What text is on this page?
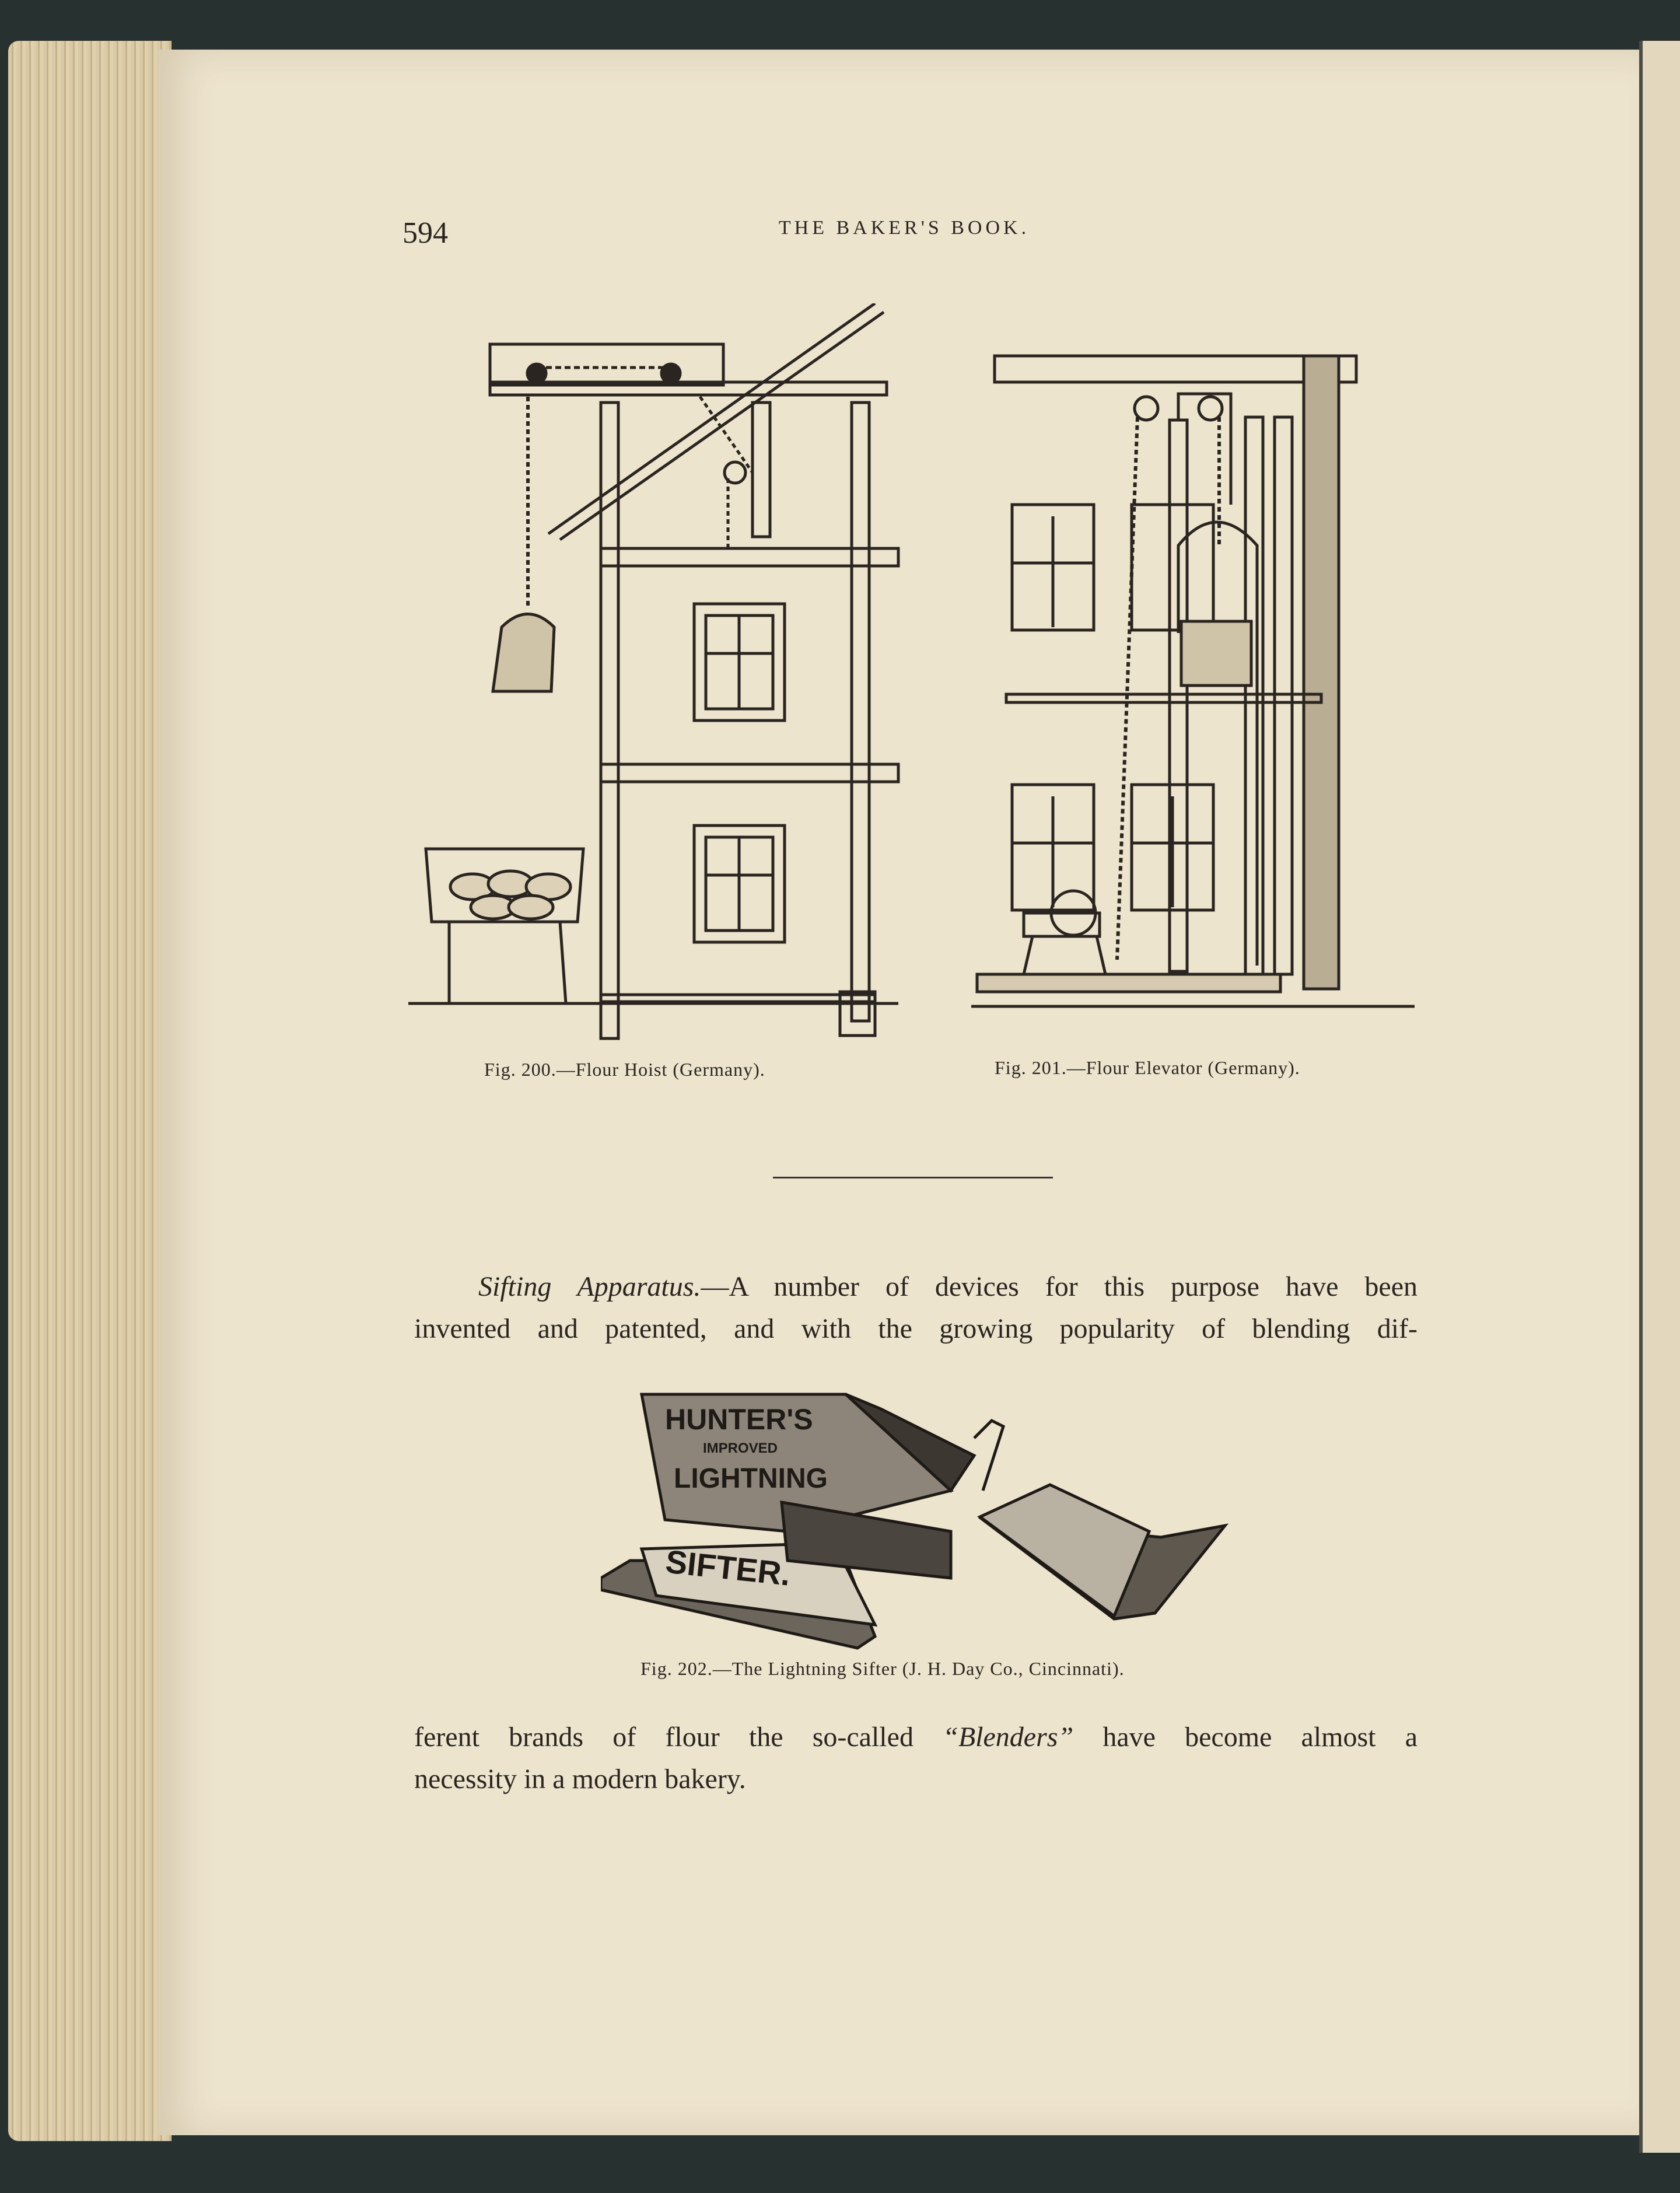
594	THE BAKER'S BOOK.
Fig. 200.—Flour Hoist (Germany).	Fig. 201.—Flour Elevator (Germany).
Sifting Apparatus.—A number of devices for this purpose have been
invented and patented, and with the growing popularity of blending dif-
HUNTER'S
IMPROVED
LIGHTNING
SIFTER.
Fig. 202.—The Lightning Sifter (J. H. Day Co., Cincinnati).
ferent brands of flour the so-called “Blenders” have become almost a
necessity in a modern bakery.
